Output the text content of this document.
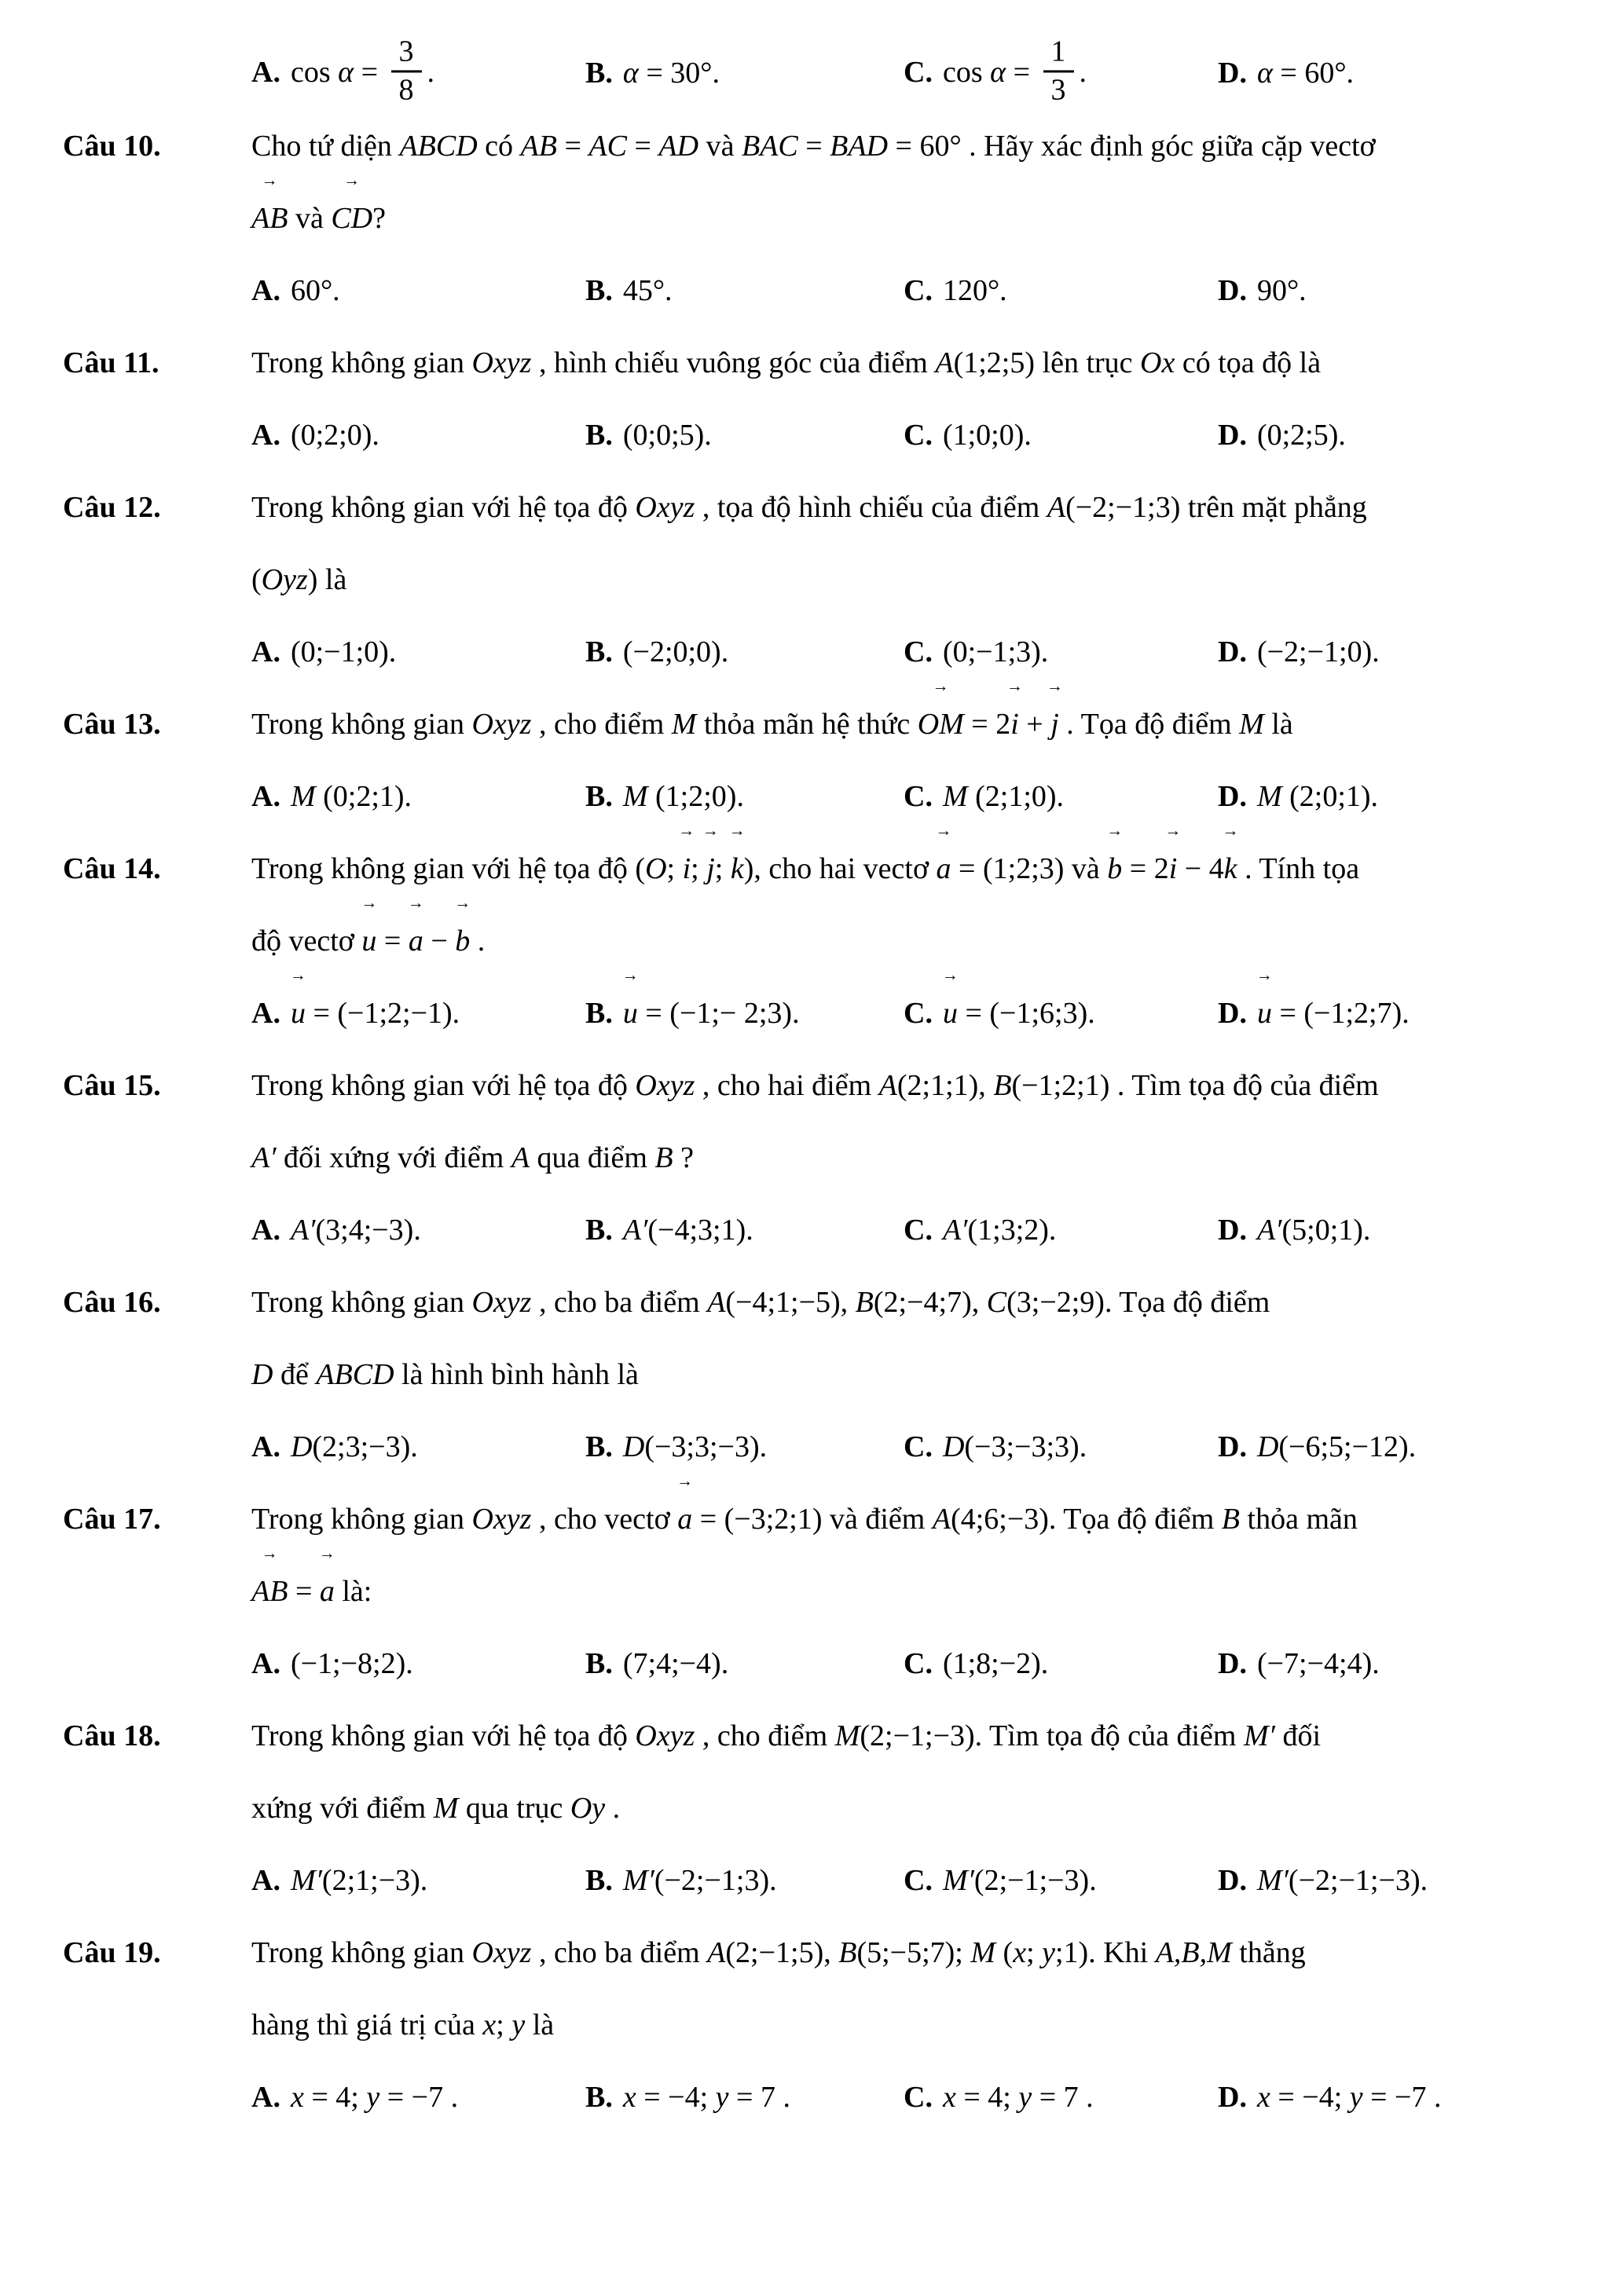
A. $\cos \alpha = \frac{3}{8}$ .	B. α = 30°.	C. $\cos \alpha = \frac{1}{3}$ .	D. α = 60°.
Câu 10.	Cho tứ diện ABCD có AB = AC = AD và BAC = BAD = 60° . Hãy xác định góc giữa cặp vectơ
AB → và CD →?
A. 60°.	B. 45°.	C. 120°.	D. 90°.
Câu 11.	Trong không gian Oxyz , hình chiếu vuông góc của điểm A(1;2;5) lên trục Ox có tọa độ là
A. (0;2;0).	B. (0;0;5).	C. (1;0;0).	D. (0;2;5).
Câu 12.	Trong không gian với hệ tọa độ Oxyz , tọa độ hình chiếu của điểm A(−2;−1;3) trên mặt phẳng
(Oyz) là
A. (0;−1;0).	B. (−2;0;0).	C. (0;−1;3).	D. (−2;−1;0).
Câu 13.	Trong không gian Oxyz , cho điểm M thỏa mãn hệ thức OM → = 2i → + j → . Tọa độ điểm M là
A. M (0;2;1).	B. M (1;2;0).	C. M (2;1;0).	D. M (2;0;1).
Câu 14.	Trong không gian với hệ tọa độ (O; i →; j →; k →), cho hai vectơ a → = (1;2;3) và b → = 2i → − 4k → . Tính tọa
độ vectơ u → = a → − b → .
A. u → = (−1;2;−1).	B. u → = (−1;− 2;3).	C. u → = (−1;6;3).	D. u → = (−1;2;7).
Câu 15.	Trong không gian với hệ tọa độ Oxyz , cho hai điểm A(2;1;1), B(−1;2;1) . Tìm tọa độ của điểm
A′ đối xứng với điểm A qua điểm B ?
A. A′(3;4;−3).	B. A′(−4;3;1).	C. A′(1;3;2).	D. A′(5;0;1).
Câu 16.	Trong không gian Oxyz , cho ba điểm A(−4;1;−5), B(2;−4;7), C(3;−2;9). Tọa độ điểm
D để ABCD là hình bình hành là
A. D(2;3;−3).	B. D(−3;3;−3).	C. D(−3;−3;3).	D. D(−6;5;−12).
Câu 17.	Trong không gian Oxyz , cho vectơ a → = (−3;2;1) và điểm A(4;6;−3). Tọa độ điểm B thỏa mãn
AB → = a → là:
A. (−1;−8;2).	B. (7;4;−4).	C. (1;8;−2).	D. (−7;−4;4).
Câu 18.	Trong không gian với hệ tọa độ Oxyz , cho điểm M(2;−1;−3). Tìm tọa độ của điểm M′ đối
xứng với điểm M qua trục Oy .
A. M′(2;1;−3).	B. M′(−2;−1;3).	C. M′(2;−1;−3).	D. M′(−2;−1;−3).
Câu 19.	Trong không gian Oxyz , cho ba điểm A(2;−1;5), B(5;−5;7); M (x; y;1). Khi A,B,M thẳng
hàng thì giá trị của x; y là
A. x = 4; y = −7 .	B. x = −4; y = 7 .	C. x = 4; y = 7 .	D. x = −4; y = −7 .
